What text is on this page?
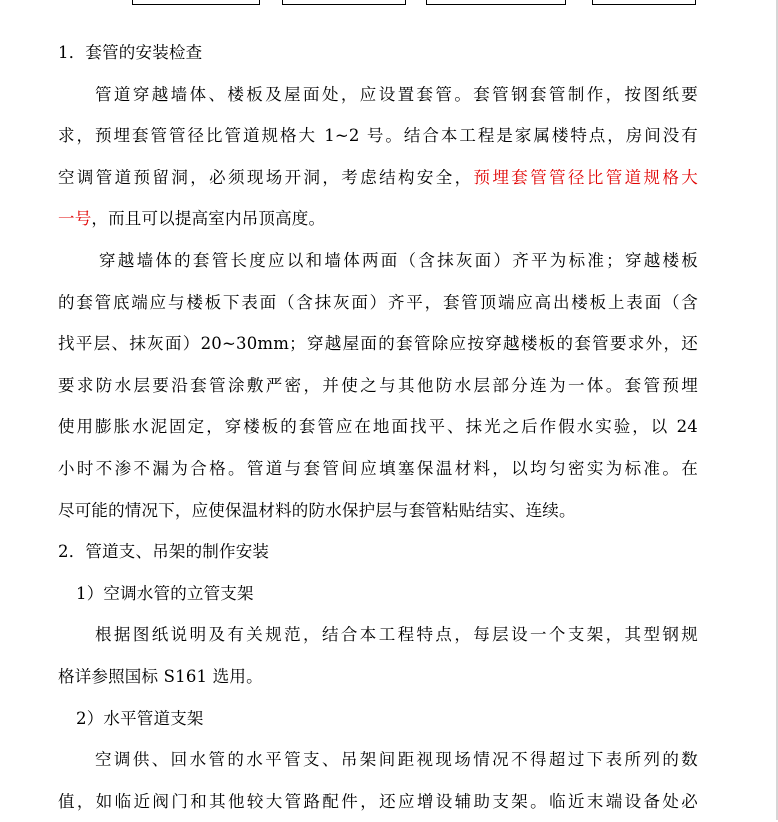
1．套管的安装检查
管道穿越墙体、楼板及屋面处，应设置套管。套管钢套管制作，按图纸要
求，预埋套管管径比管道规格大 1~2 号。结合本工程是家属楼特点，房间没有
空调管道预留洞，必须现场开洞，考虑结构安全，预埋套管管径比管道规格大
一号，而且可以提高室内吊顶高度。
穿越墙体的套管长度应以和墙体两面（含抹灰面）齐平为标准；穿越楼板
的套管底端应与楼板下表面（含抹灰面）齐平，套管顶端应高出楼板上表面（含
找平层、抹灰面）20~30mm；穿越屋面的套管除应按穿越楼板的套管要求外，还
要求防水层要沿套管涂敷严密，并使之与其他防水层部分连为一体。套管预埋
使用膨胀水泥固定，穿楼板的套管应在地面找平、抹光之后作假水实验，以 24
小时不渗不漏为合格。管道与套管间应填塞保温材料，以均匀密实为标准。在
尽可能的情况下，应使保温材料的防水保护层与套管粘贴结实、连续。
2．管道支、吊架的制作安装
1）空调水管的立管支架
根据图纸说明及有关规范，结合本工程特点，每层设一个支架，其型钢规
格详参照国标 S161 选用。
2）水平管道支架
空调供、回水管的水平管支、吊架间距视现场情况不得超过下表所列的数
值，如临近阀门和其他较大管路配件，还应增设辅助支架。临近末端设备处必
